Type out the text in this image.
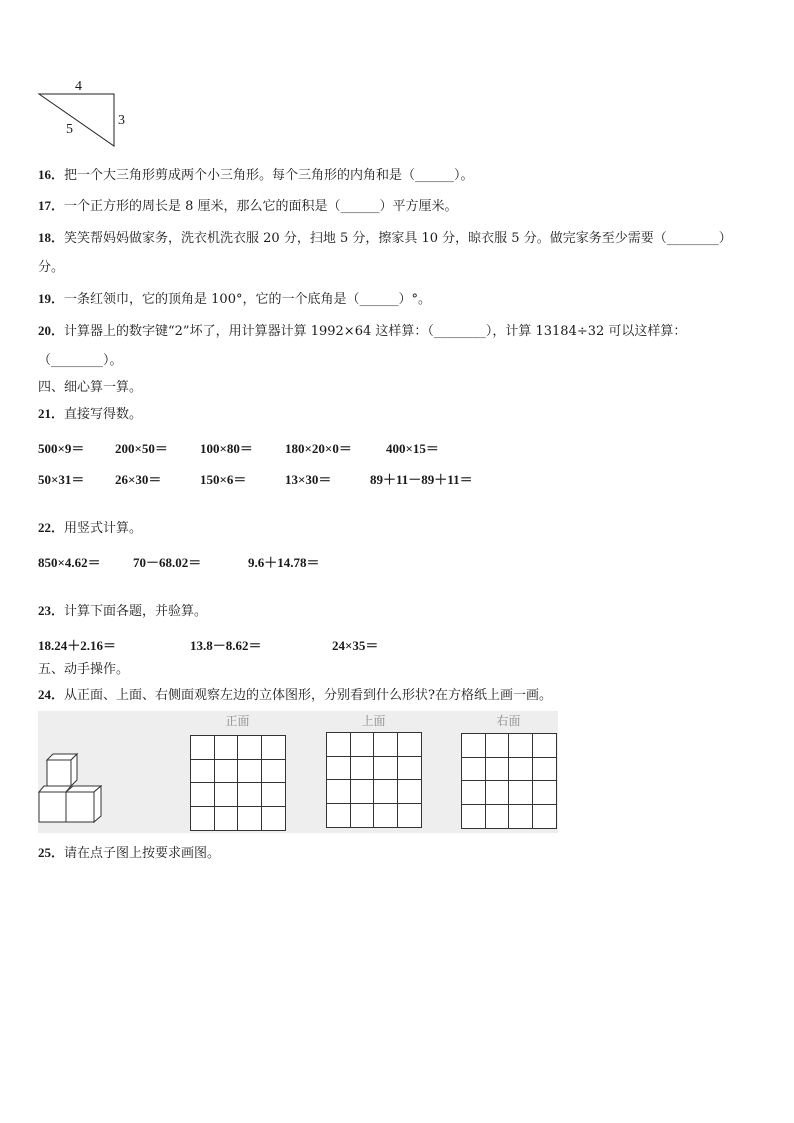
4
3
5
16．把一个大三角形剪成两个小三角形。每个三角形的内角和是（______）。
17．一个正方形的周长是 8 厘米，那么它的面积是（______）平方厘米。
18．笑笑帮妈妈做家务，洗衣机洗衣服 20 分，扫地 5 分，擦家具 10 分，晾衣服 5 分。做完家务至少需要（________）
分。
19．一条红领巾，它的顶角是 100°，它的一个底角是（______）°。
20．计算器上的数字键“2”坏了，用计算器计算 1992×64 这样算：（________），计算 13184÷32 可以这样算：
（________）。
四、细心算一算。
21．直接写得数。
500×9＝ 200×50＝ 100×80＝ 180×20×0＝	400×15＝
50×31＝ 26×30＝	150×6＝	13×30＝	89＋11－89＋11＝
22．用竖式计算。
850×4.62＝ 70－68.02＝	9.6＋14.78＝
23．计算下面各题，并验算。
18.24＋2.16＝	13.8－8.62＝	24×35＝
五、动手操作。
24．从正面、上面、右侧面观察左边的立体图形，分别看到什么形状?在方格纸上画一画。
正面	上面	右面
25．请在点子图上按要求画图。
